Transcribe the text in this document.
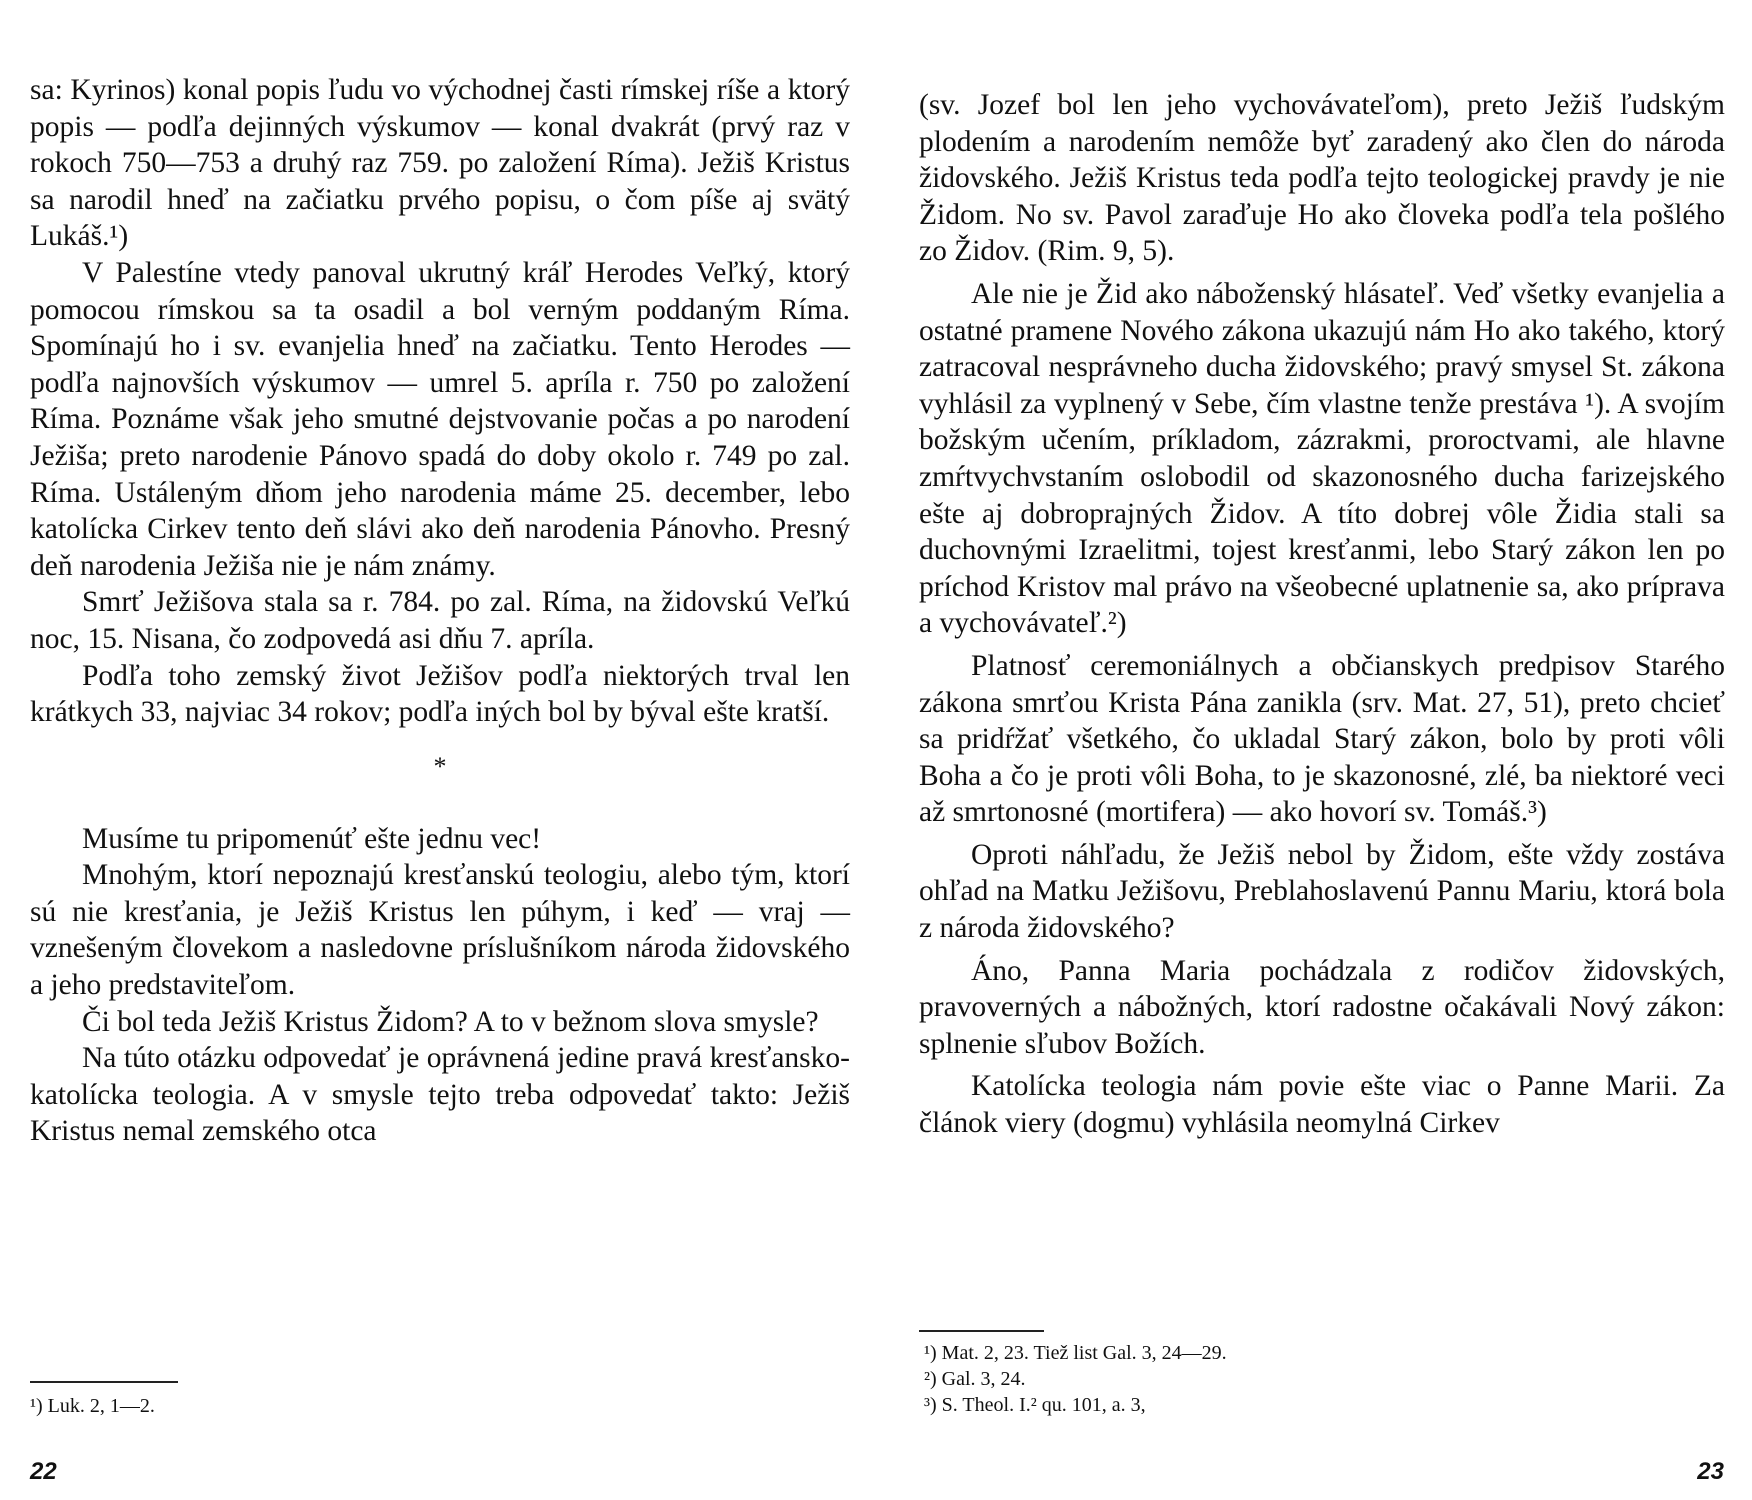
sa: Kyrinos) konal popis ľudu vo východnej časti rímskej ríše a ktorý popis — podľa dejinných výskumov — konal dvakrát (prvý raz v rokoch 750—753 a druhý raz 759. po založení Ríma). Ježiš Kristus sa narodil hneď na začiatku prvého popisu, o čom píše aj svätý Lukáš.¹)

V Palestíne vtedy panoval ukrutný kráľ Herodes Veľký, ktorý pomocou rímskou sa ta osadil a bol verným poddaným Ríma. Spomínajú ho i sv. evanjelia hneď na začiatku. Tento Herodes — podľa najnovších výskumov — umrel 5. apríla r. 750 po založení Ríma. Poznáme však jeho smutné dejstvovanie počas a po narodení Ježiša; preto narodenie Pánovo spadá do doby okolo r. 749 po zal. Ríma. Ustáleným dňom jeho narodenia máme 25. december, lebo katolícka Cirkev tento deň slávi ako deň narodenia Pánovho. Presný deň narodenia Ježiša nie je nám známy.

Smrť Ježišova stala sa r. 784. po zal. Ríma, na židovskú Veľkú noc, 15. Nisana, čo zodpovedá asi dňu 7. apríla.

Podľa toho zemský život Ježišov podľa niektorých trval len krátkych 33, najviac 34 rokov; podľa iných bol by býval ešte kratší.

*

Musíme tu pripomenúť ešte jednu vec!

Mnohým, ktorí nepoznajú kresťanskú teologiu, alebo tým, ktorí sú nie kresťania, je Ježiš Kristus len púhym, i keď — vraj — vznešeným človekom a nasledovne príslušníkom národa židovského a jeho predstaviteľom.

Či bol teda Ježiš Kristus Židom? A to v bežnom slova smysle?

Na túto otázku odpovedať je oprávnená jedine pravá kresťansko-katolícka teologia. A v smysle tejto treba odpovedať takto: Ježiš Kristus nemal zemského otca

¹) Luk. 2, 1—2.
22

(sv. Jozef bol len jeho vychovávateľom), preto Ježiš ľudským plodením a narodením nemôže byť zaradený ako člen do národa židovského. Ježiš Kristus teda podľa tejto teologickej pravdy je nie Židom. No sv. Pavol zaraďuje Ho ako človeka podľa tela pošlého zo Židov. (Rim. 9, 5).

Ale nie je Žid ako náboženský hlásateľ. Veď všetky evanjelia a ostatné pramene Nového zákona ukazujú nám Ho ako takého, ktorý zatracoval nesprávneho ducha židovského; pravý smysel St. zákona vyhlásil za vyplnený v Sebe, čím vlastne tenže prestáva ¹). A svojím božským učením, príkladom, zázrakmi, proroctvami, ale hlavne zmŕtvychvstaním oslobodil od skazonosného ducha farizejského ešte aj dobroprajných Židov. A títo dobrej vôle Židia stali sa duchovnými Izraelitmi, tojest kresťanmi, lebo Starý zákon len po príchod Kristov mal právo na všeobecné uplatnenie sa, ako príprava a vychovávateľ.²)

Platnosť ceremoniálnych a občianskych predpisov Starého zákona smrťou Krista Pána zanikla (srv. Mat. 27, 51), preto chcieť sa pridŕžať všetkého, čo ukladal Starý zákon, bolo by proti vôli Boha a čo je proti vôli Boha, to je skazonosné, zlé, ba niektoré veci až smrtonosné (mortifera) — ako hovorí sv. Tomáš.³)

Oproti náhľadu, že Ježiš nebol by Židom, ešte vždy zostáva ohľad na Matku Ježišovu, Preblahoslavenú Pannu Mariu, ktorá bola z národa židovského?

Áno, Panna Maria pochádzala z rodičov židovských, pravoverných a nábožných, ktorí radostne očakávali Nový zákon: splnenie sľubov Božích.

Katolícka teologia nám povie ešte viac o Panne Marii. Za článok viery (dogmu) vyhlásila neomylná Cirkev

¹) Mat. 2, 23. Tiež list Gal. 3, 24—29.
²) Gal. 3, 24.
³) S. Theol. I.² qu. 101, a. 3,
23
